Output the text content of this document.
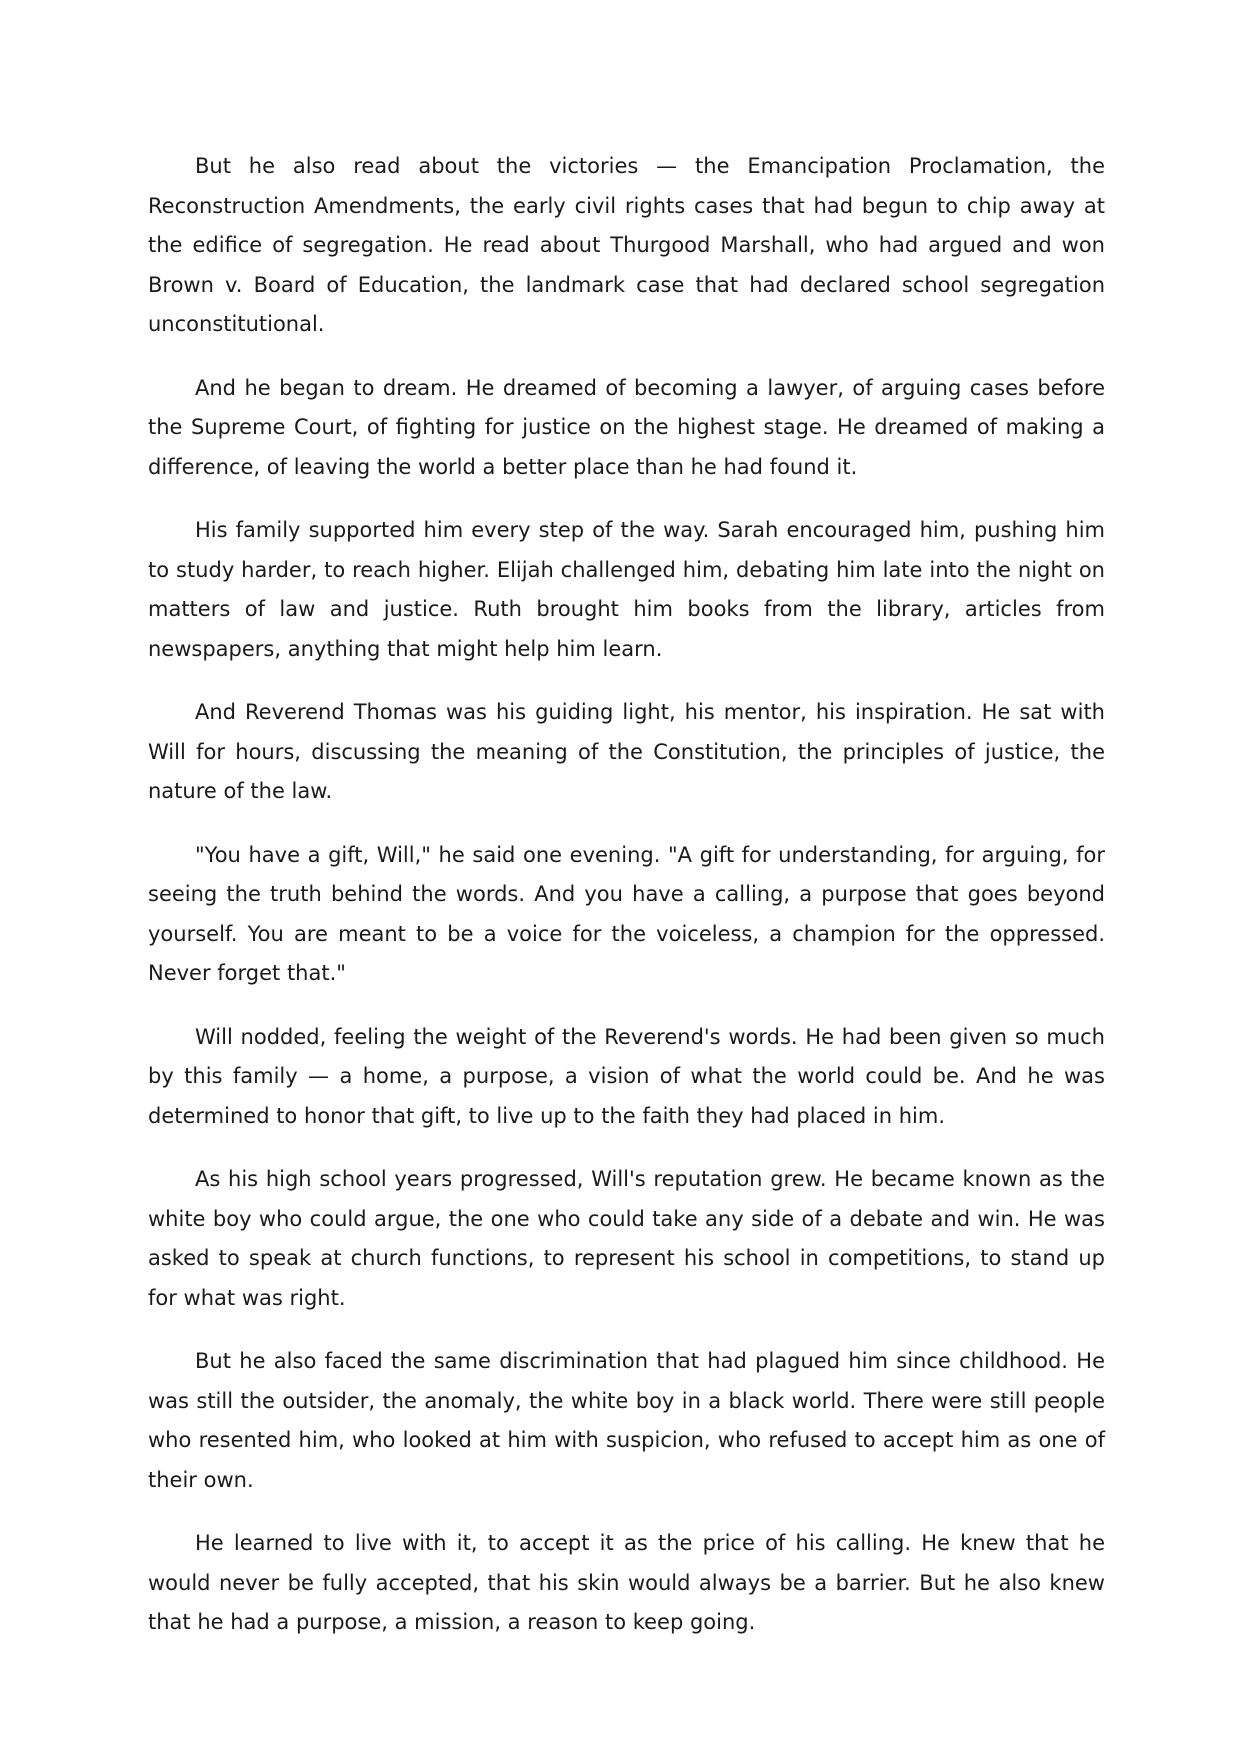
But he also read about the victories — the Emancipation Proclamation, the Reconstruction Amendments, the early civil rights cases that had begun to chip away at the edifice of segregation. He read about Thurgood Marshall, who had argued and won Brown v. Board of Education, the landmark case that had declared school segregation unconstitutional.

And he began to dream. He dreamed of becoming a lawyer, of arguing cases before the Supreme Court, of fighting for justice on the highest stage. He dreamed of making a difference, of leaving the world a better place than he had found it.

His family supported him every step of the way. Sarah encouraged him, pushing him to study harder, to reach higher. Elijah challenged him, debating him late into the night on matters of law and justice. Ruth brought him books from the library, articles from newspapers, anything that might help him learn.

And Reverend Thomas was his guiding light, his mentor, his inspiration. He sat with Will for hours, discussing the meaning of the Constitution, the principles of justice, the nature of the law.

"You have a gift, Will," he said one evening. "A gift for understanding, for arguing, for seeing the truth behind the words. And you have a calling, a purpose that goes beyond yourself. You are meant to be a voice for the voiceless, a champion for the oppressed. Never forget that."

Will nodded, feeling the weight of the Reverend's words. He had been given so much by this family — a home, a purpose, a vision of what the world could be. And he was determined to honor that gift, to live up to the faith they had placed in him.

As his high school years progressed, Will's reputation grew. He became known as the white boy who could argue, the one who could take any side of a debate and win. He was asked to speak at church functions, to represent his school in competitions, to stand up for what was right.

But he also faced the same discrimination that had plagued him since childhood. He was still the outsider, the anomaly, the white boy in a black world. There were still people who resented him, who looked at him with suspicion, who refused to accept him as one of their own.

He learned to live with it, to accept it as the price of his calling. He knew that he would never be fully accepted, that his skin would always be a barrier. But he also knew that he had a purpose, a mission, a reason to keep going.
